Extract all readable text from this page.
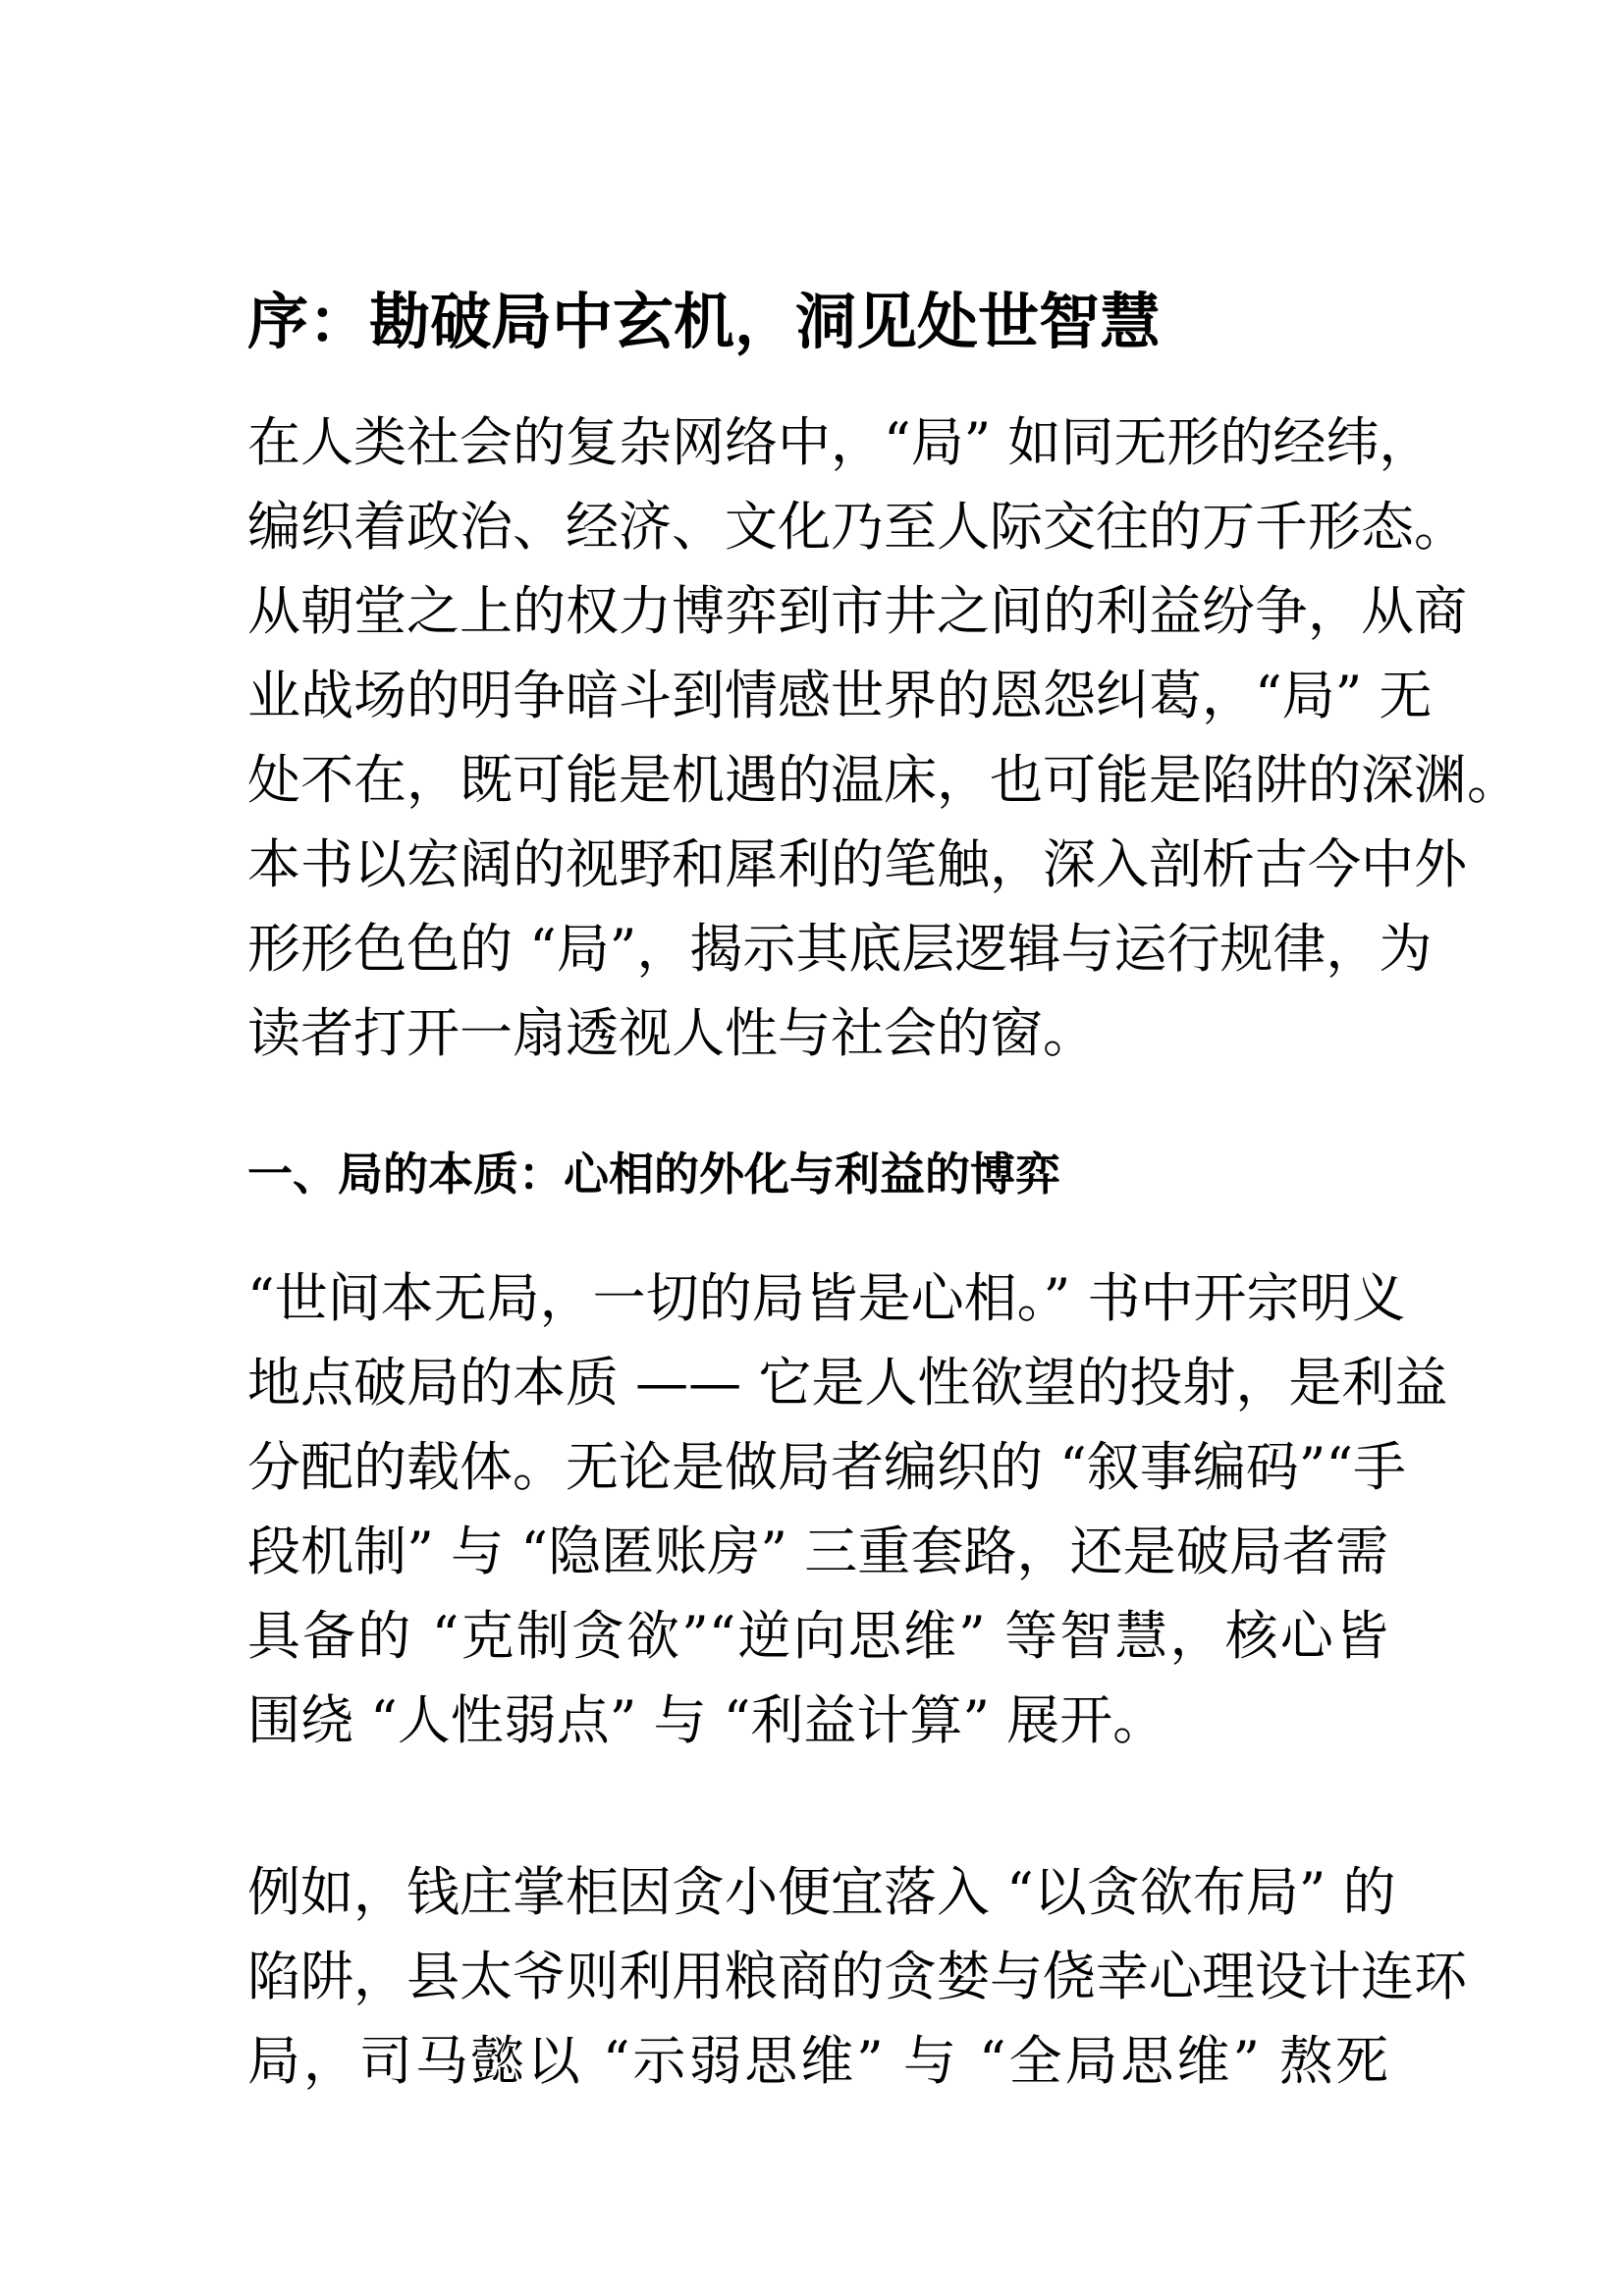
序：勘破局中玄机，洞见处世智慧
在人类社会的复杂网络中，“局” 如同无形的经纬，
编织着政治、经济、文化乃至人际交往的万千形态。
从朝堂之上的权力博弈到市井之间的利益纷争，从商
业战场的明争暗斗到情感世界的恩怨纠葛，“局” 无
处不在，既可能是机遇的温床，也可能是陷阱的深渊。
本书以宏阔的视野和犀利的笔触，深入剖析古今中外
形形色色的 “局”，揭示其底层逻辑与运行规律，为
读者打开一扇透视人性与社会的窗。
一、局的本质：心相的外化与利益的博弈
“世间本无局，一切的局皆是心相。” 书中开宗明义
地点破局的本质 —— 它是人性欲望的投射，是利益
分配的载体。无论是做局者编织的 “叙事编码”“手
段机制” 与 “隐匿账房” 三重套路，还是破局者需
具备的 “克制贪欲”“逆向思维” 等智慧，核心皆
围绕 “人性弱点” 与 “利益计算” 展开。
例如，钱庄掌柜因贪小便宜落入 “以贪欲布局” 的
陷阱，县太爷则利用粮商的贪婪与侥幸心理设计连环
局，司马懿以 “示弱思维” 与 “全局思维” 熬死
